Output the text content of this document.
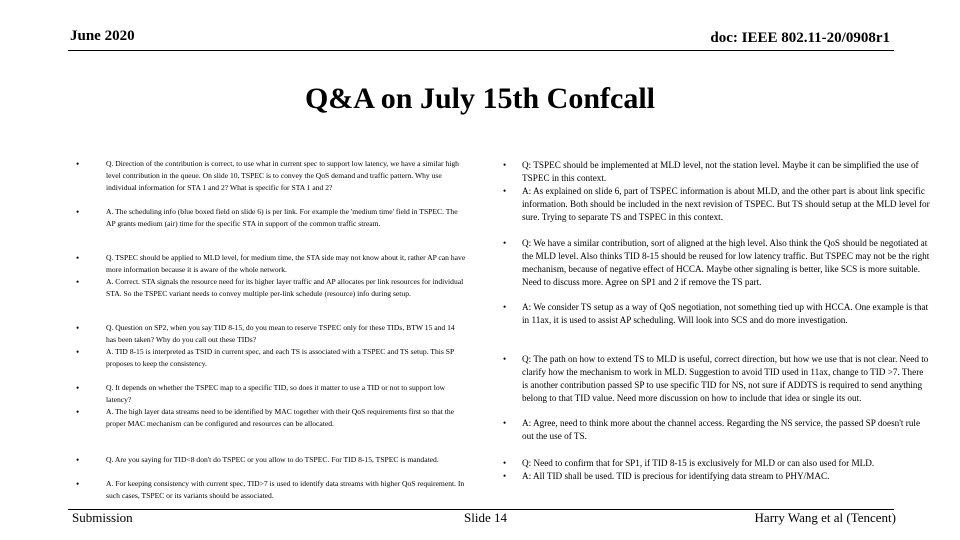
June 2020	doc: IEEE 802.11-20/0908r1
Q&A on July 15th Confcall
•	Q. Direction of the contribution is correct, to use what in current spec to support low latency, we have a similar high level contribution in the queue. On slide 10, TSPEC is to convey the QoS demand and traffic pattern. Why use individual information for STA 1 and 2? What is specific for STA 1 and 2?
•	A. The scheduling info (blue boxed field on slide 6) is per link. For example the 'medium time' field in TSPEC. The AP grants medium (air) time for the specific STA in support of the common traffic stream.
•	Q. TSPEC should be applied to MLD level, for medium time, the STA side may not know about it, rather AP can have more information because it is aware of the whole network.
•	A. Correct. STA signals the resource need for its higher layer traffic and AP allocates per link resources for individual STA. So the TSPEC variant needs to convey multiple per-link schedule (resource) info during setup.
•	Q. Question on SP2, when you say TID 8-15, do you mean to reserve TSPEC only for these TIDs, BTW 15 and 14 has been taken? Why do you call out these TIDs?
•	A. TID 8-15 is interpreted as TSID in current spec, and each TS is associated with a TSPEC and TS setup. This SP proposes to keep the consistency.
•	Q. It depends on whether the TSPEC map to a specific TID, so does it matter to use a TID or not to support low latency?
•	A. The high layer data streams need to be identified by MAC together with their QoS requirements first so that the proper MAC mechanism can be configured and resources can be allocated.
•	Q. Are you saying for TID<8 don't do TSPEC or you allow to do TSPEC. For TID 8-15, TSPEC is mandated.
•	A. For keeping consistency with current spec, TID>7 is used to identify data streams with higher QoS requirement. In such cases, TSPEC or its variants should be associated.
•	Q: TSPEC should be implemented at MLD level, not the station level. Maybe it can be simplified the use of TSPEC in this context.
•	A: As explained on slide 6, part of TSPEC information is about MLD, and the other part is about link specific information. Both should be included in the next revision of TSPEC. But TS should setup at the MLD level for sure. Trying to separate TS and TSPEC in this context.
•	Q: We have a similar contribution, sort of aligned at the high level. Also think the QoS should be negotiated at the MLD level. Also thinks TID 8-15 should be reused for low latency traffic. But TSPEC may not be the right mechanism, because of negative effect of HCCA. Maybe other signaling is better, like SCS is more suitable. Need to discuss more. Agree on SP1 and 2 if remove the TS part.
•	A: We consider TS setup as a way of QoS negotiation, not something tied up with HCCA. One example is that in 11ax, it is used to assist AP scheduling. Will look into SCS and do more investigation.
•	Q: The path on how to extend TS to MLD is useful, correct direction, but how we use that is not clear. Need to clarify how the mechanism to work in MLD. Suggestion to avoid TID used in 11ax, change to TID >7. There is another contribution passed SP to use specific TID for NS, not sure if ADDTS is required to send anything belong to that TID value. Need more discussion on how to include that idea or single its out.
•	A: Agree, need to think more about the channel access. Regarding the NS service, the passed SP doesn't rule out the use of TS.
•	Q: Need to confirm that for SP1, if TID 8-15 is exclusively for MLD or can also used for MLD.
•	A: All TID shall be used. TID is precious for identifying data stream to PHY/MAC.
Submission	Slide 14	Harry Wang et al (Tencent)
